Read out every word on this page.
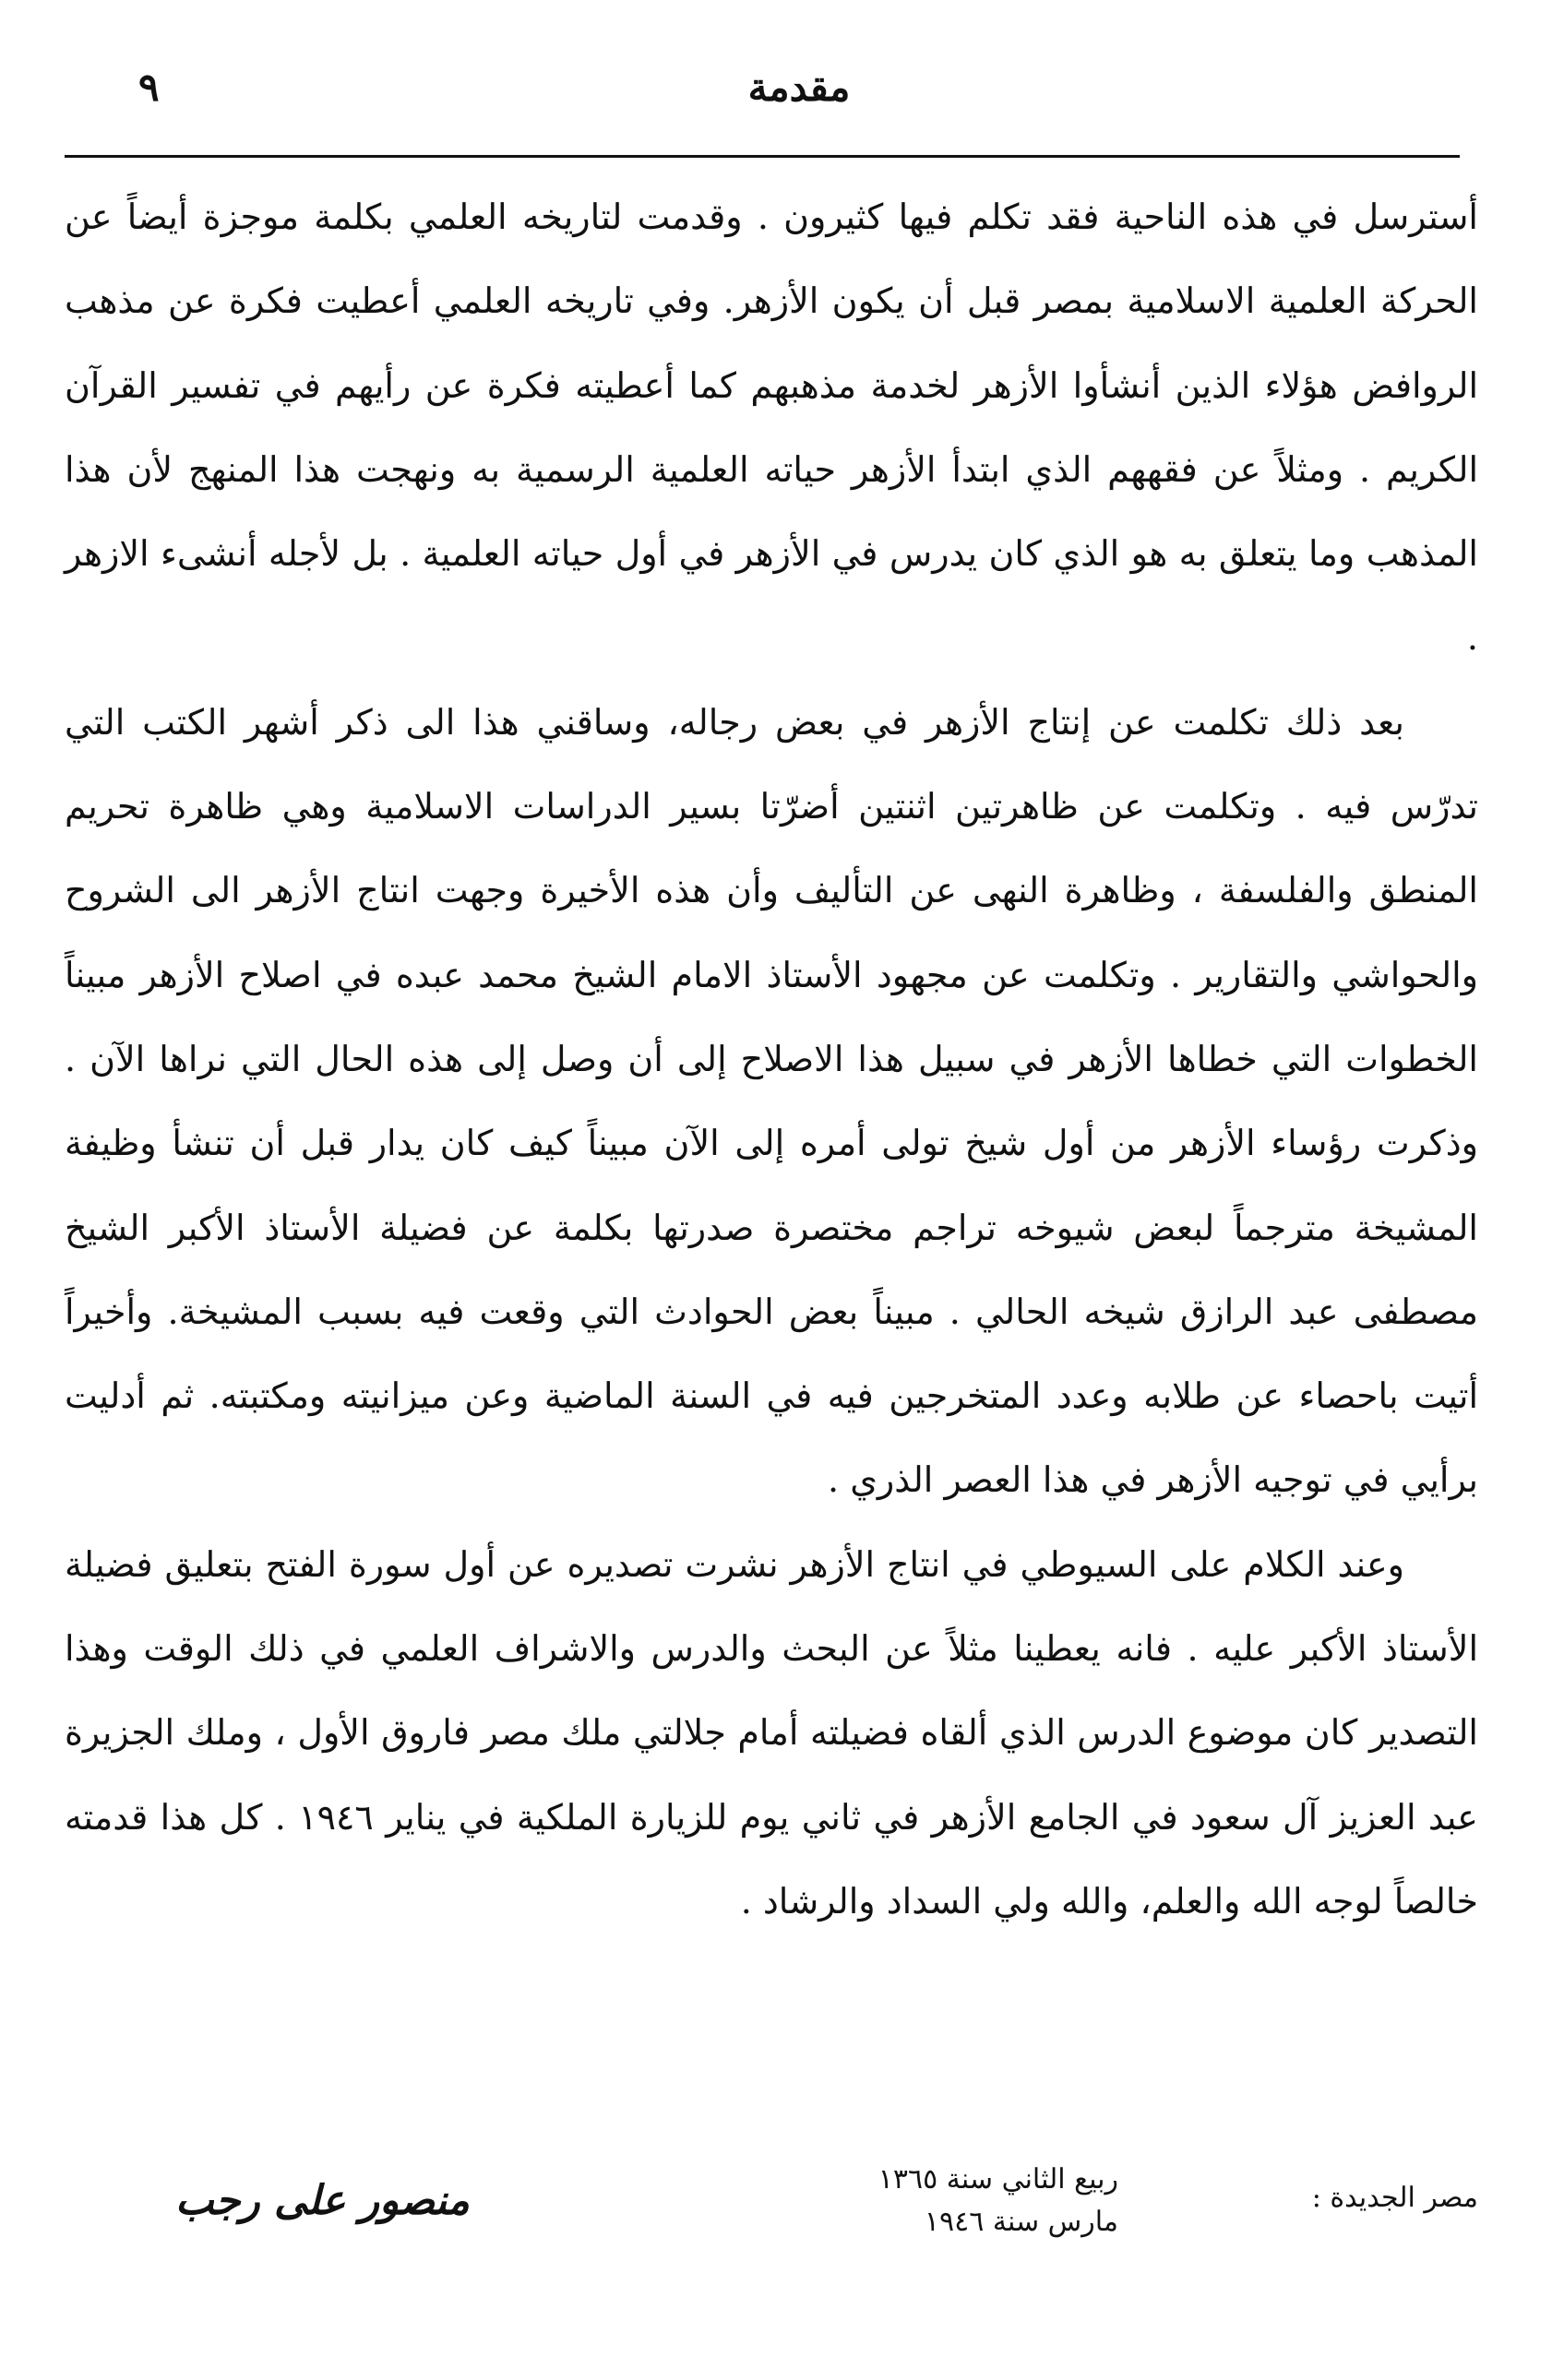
مقدمة
٩

أسترسل في هذه الناحية فقد تكلم فيها كثيرون . وقدمت لتاريخه العلمي بكلمة موجزة أيضاً عن الحركة العلمية الاسلامية بمصر قبل أن يكون الأزهر. وفي تاريخه العلمي أعطيت فكرة عن مذهب الروافض هؤلاء الذين أنشأوا الأزهر لخدمة مذهبهم كما أعطيته فكرة عن رأيهم في تفسير القرآن الكريم . ومثلاً عن فقههم الذي ابتدأ الأزهر حياته العلمية الرسمية به ونهجت هذا المنهج لأن هذا المذهب وما يتعلق به هو الذي كان يدرس في الأزهر في أول حياته العلمية . بل لأجله أنشىء الازهر .

بعد ذلك تكلمت عن إنتاج الأزهر في بعض رجاله، وساقني هذا الى ذكر أشهر الكتب التي تدرّس فيه . وتكلمت عن ظاهرتين اثنتين أضرّتا بسير الدراسات الاسلامية وهي ظاهرة تحريم المنطق والفلسفة ، وظاهرة النهى عن التأليف وأن هذه الأخيرة وجهت انتاج الأزهر الى الشروح والحواشي والتقارير . وتكلمت عن مجهود الأستاذ الامام الشيخ محمد عبده في اصلاح الأزهر مبيناً الخطوات التي خطاها الأزهر في سبيل هذا الاصلاح إلى أن وصل إلى هذه الحال التي نراها الآن . وذكرت رؤساء الأزهر من أول شيخ تولى أمره إلى الآن مبيناً كيف كان يدار قبل أن تنشأ وظيفة المشيخة مترجماً لبعض شيوخه تراجم مختصرة صدرتها بكلمة عن فضيلة الأستاذ الأكبر الشيخ مصطفى عبد الرازق شيخه الحالي . مبيناً بعض الحوادث التي وقعت فيه بسبب المشيخة. وأخيراً أتيت باحصاء عن طلابه وعدد المتخرجين فيه في السنة الماضية وعن ميزانيته ومكتبته. ثم أدليت برأيي في توجيه الأزهر في هذا العصر الذري .

وعند الكلام على السيوطي في انتاج الأزهر نشرت تصديره عن أول سورة الفتح بتعليق فضيلة الأستاذ الأكبر عليه . فانه يعطينا مثلاً عن البحث والدرس والاشراف العلمي في ذلك الوقت وهذا التصدير كان موضوع الدرس الذي ألقاه فضيلته أمام جلالتي ملك مصر فاروق الأول ، وملك الجزيرة عبد العزيز آل سعود في الجامع الأزهر في ثاني يوم للزيارة الملكية في يناير ١٩٤٦ . كل هذا قدمته خالصاً لوجه الله والعلم، والله ولي السداد والرشاد .

مصر الجديدة :
ربيع الثاني سنة ١٣٦٥
مارس سنة ١٩٤٦
منصور على رجب
